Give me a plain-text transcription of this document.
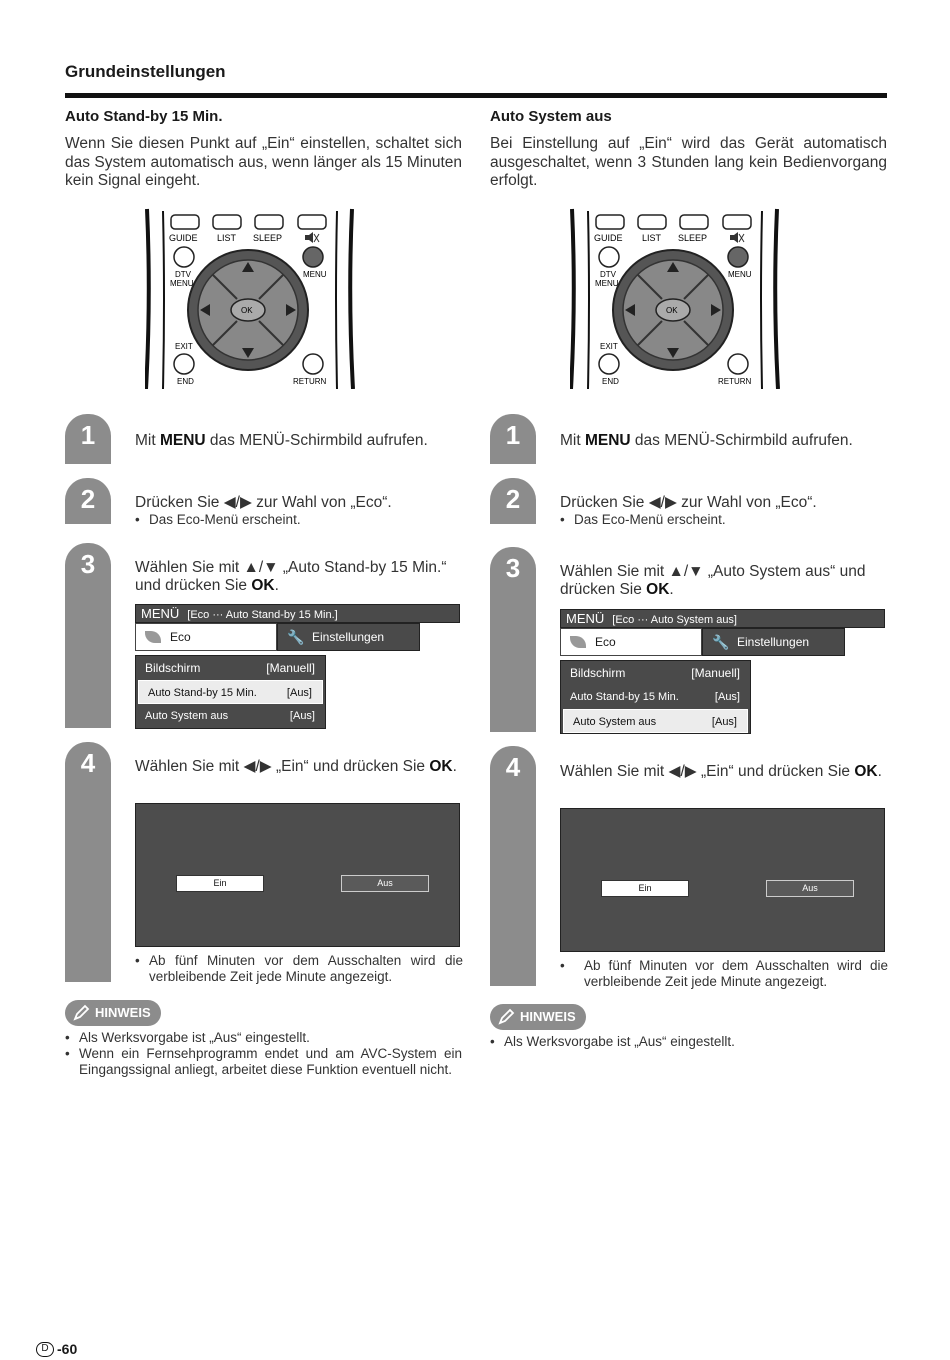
Grundeinstellungen
Auto Stand-by 15 Min.
Wenn Sie diesen Punkt auf „Ein“ einstellen, schaltet sich das System automatisch aus, wenn länger als 15 Minuten kein Signal eingeht.
GUIDE LIST SLEEP
DTV
MENU
MENU
OK
EXIT
END	RETURN
1	Mit MENU das MENÜ-Schirmbild aufrufen.
2	Drücken Sie ◀/▶ zur Wahl von „Eco“.
• Das Eco-Menü erscheint.
3	Wählen Sie mit ▲/▼ „Auto Stand-by 15 Min.“ und drücken Sie OK.
MENÜ [Eco ··· Auto Stand-by 15 Min.]
Eco	🔧 Einstellungen
Bildschirm	[Manuell]
Auto Stand-by 15 Min.	[Aus]
Auto System aus	[Aus]
4	Wählen Sie mit ◀/▶ „Ein“ und drücken Sie OK.
Ein	Aus
• Ab fünf Minuten vor dem Ausschalten wird die verbleibende Zeit jede Minute angezeigt.
HINWEIS
• Als Werksvorgabe ist „Aus“ eingestellt.
• Wenn ein Fernsehprogramm endet und am AVC-System ein Eingangssignal anliegt, arbeitet diese Funktion eventuell nicht.
Auto System aus
Bei Einstellung auf „Ein“ wird das Gerät automatisch ausgeschaltet, wenn 3 Stunden lang kein Bedienvorgang erfolgt.
GUIDE LIST SLEEP
DTV
MENU
MENU
OK
EXIT
END	RETURN
1	Mit MENU das MENÜ-Schirmbild aufrufen.
2	Drücken Sie ◀/▶ zur Wahl von „Eco“.
• Das Eco-Menü erscheint.
3	Wählen Sie mit ▲/▼ „Auto System aus“ und drücken Sie OK.
MENÜ [Eco ··· Auto System aus]
Eco	🔧 Einstellungen
Bildschirm	[Manuell]
Auto Stand-by 15 Min.	[Aus]
Auto System aus	[Aus]
4	Wählen Sie mit ◀/▶ „Ein“ und drücken Sie OK.
Ein	Aus
• Ab fünf Minuten vor dem Ausschalten wird die verbleibende Zeit jede Minute angezeigt.
HINWEIS
• Als Werksvorgabe ist „Aus“ eingestellt.
D -60
